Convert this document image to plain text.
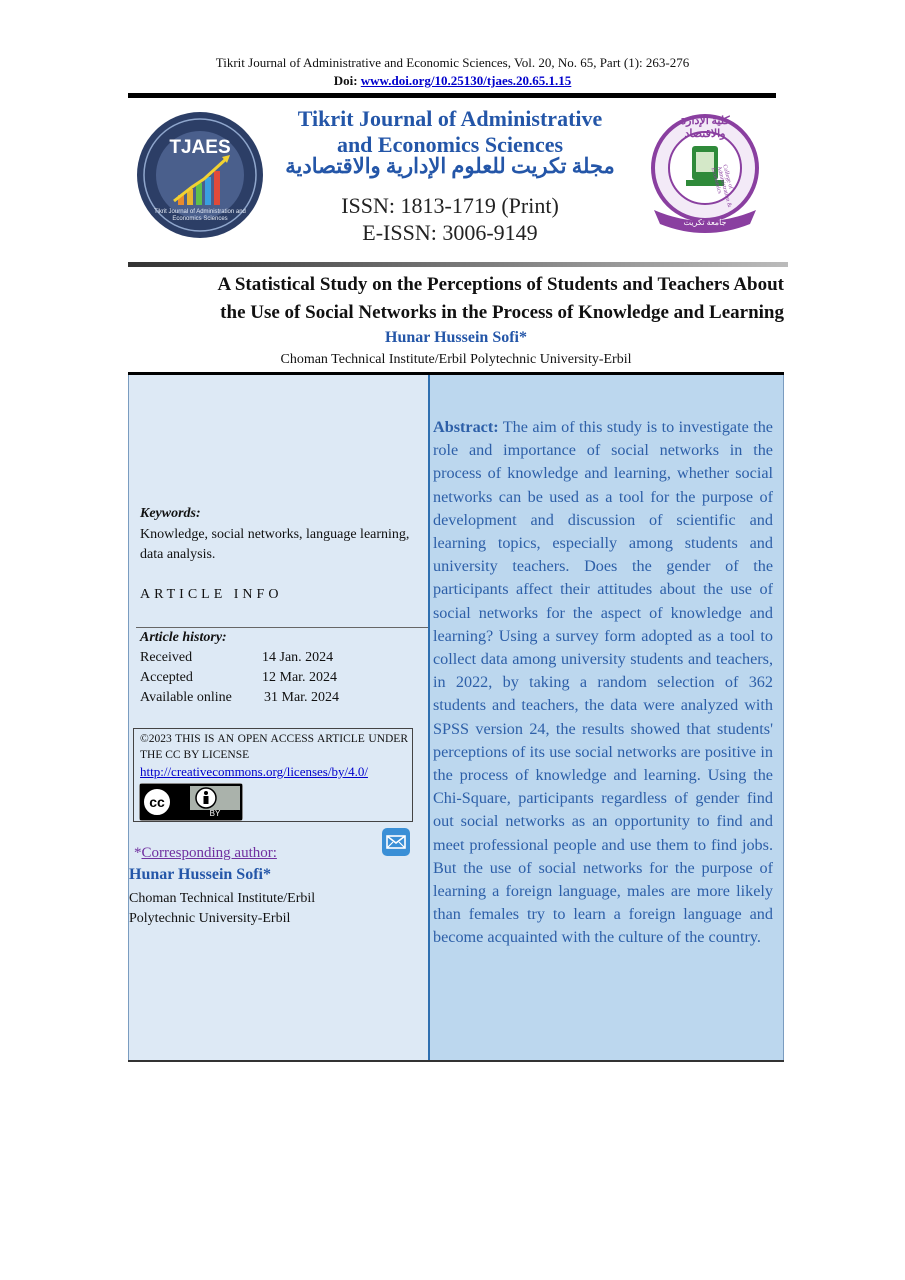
Tikrit Journal of Administrative and Economic Sciences, Vol. 20, No. 65, Part (1): 263-276
Doi: www.doi.org/10.25130/tjaes.20.65.1.15
TJAES
Tikrit Journal of Administration and Economics Sciences
Tikrit Journal of Administrative
and Economics Sciences
مجلة تكريت للعلوم الإدارية والاقتصادية
ISSN: 1813-1719 (Print)
E-ISSN: 3006-9149
كلية الإدارة والاقتصاد
College of Administration & Economics
جامعة تكريت
A Statistical Study on the Perceptions of Students and Teachers About
the Use of Social Networks in the Process of Knowledge and Learning
Hunar Hussein Sofi*
Choman Technical Institute/Erbil Polytechnic University-Erbil
Keywords:
Knowledge, social networks, language learning, data analysis.
ARTICLE INFO
Article history:
Received	14 Jan. 2024
Accepted	12 Mar. 2024
Available online 31 Mar. 2024
©2023 THIS IS AN OPEN ACCESS ARTICLE UNDER THE CC BY LICENSE
http://creativecommons.org/licenses/by/4.0/
cc
BY
*Corresponding author:
Hunar Hussein Sofi*
Choman Technical Institute/Erbil
Polytechnic University-Erbil
Abstract: The aim of this study is to investigate the role and importance of social networks in the process of knowledge and learning, whether social networks can be used as a tool for the purpose of development and discussion of scientific and learning topics, especially among students and university teachers. Does the gender of the participants affect their attitudes about the use of social networks for the aspect of knowledge and learning? Using a survey form adopted as a tool to collect data among university students and teachers, in 2022, by taking a random selection of 362 students and teachers, the data were analyzed with SPSS version 24, the results showed that students' perceptions of its use social networks are positive in the process of knowledge and learning. Using the Chi-Square, participants regardless of gender find out social networks as an opportunity to find and meet professional people and use them to find jobs. But the use of social networks for the purpose of learning a foreign language, males are more likely than females try to learn a foreign language and become acquainted with the culture of the country.
